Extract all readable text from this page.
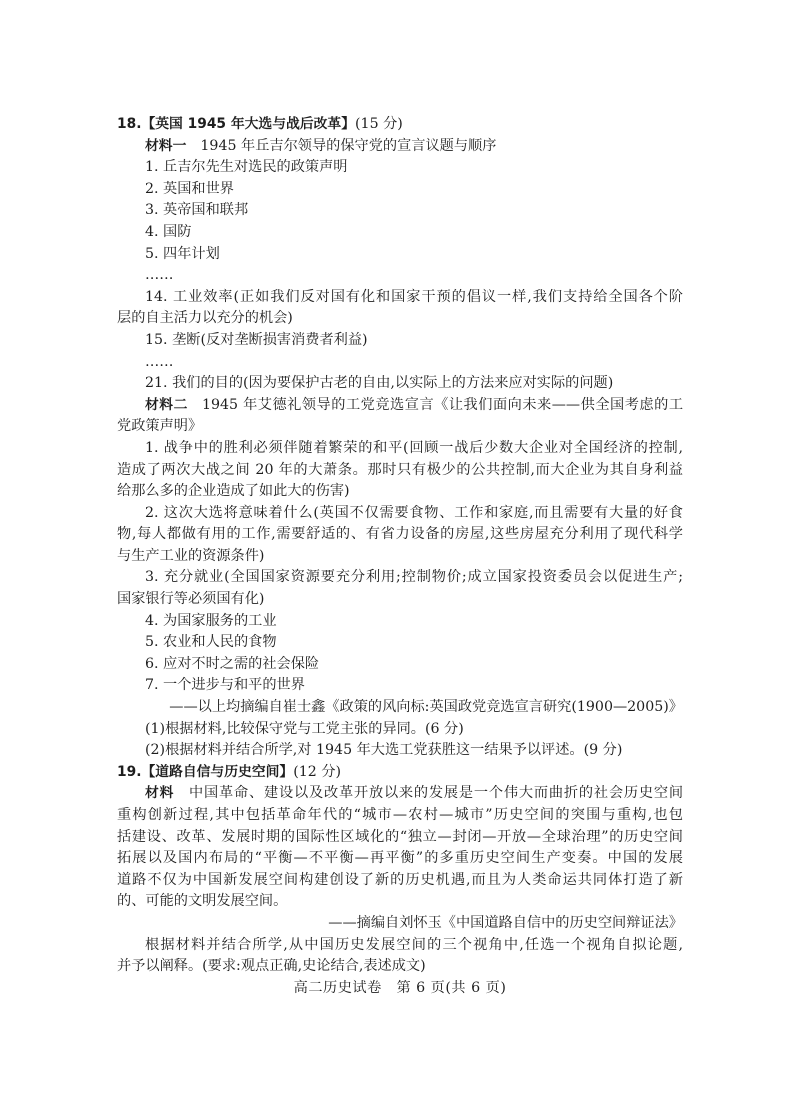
18.【英国 1945 年大选与战后改革】(15 分)
材料一 1945 年丘吉尔领导的保守党的宣言议题与顺序
1. 丘吉尔先生对选民的政策声明
2. 英国和世界
3. 英帝国和联邦
4. 国防
5. 四年计划
……
14. 工业效率(正如我们反对国有化和国家干预的倡议一样,我们支持给全国各个阶
层的自主活力以充分的机会)
15. 垄断(反对垄断损害消费者利益)
……
21. 我们的目的(因为要保护古老的自由,以实际上的方法来应对实际的问题)
材料二 1945 年艾德礼领导的工党竞选宣言《让我们面向未来——供全国考虑的工
党政策声明》
1. 战争中的胜利必须伴随着繁荣的和平(回顾一战后少数大企业对全国经济的控制,
造成了两次大战之间 20 年的大萧条。那时只有极少的公共控制,而大企业为其自身利益
给那么多的企业造成了如此大的伤害)
2. 这次大选将意味着什么(英国不仅需要食物、工作和家庭,而且需要有大量的好食
物,每人都做有用的工作,需要舒适的、有省力设备的房屋,这些房屋充分利用了现代科学
与生产工业的资源条件)
3. 充分就业(全国国家资源要充分利用;控制物价;成立国家投资委员会以促进生产;
国家银行等必须国有化)
4. 为国家服务的工业
5. 农业和人民的食物
6. 应对不时之需的社会保险
7. 一个进步与和平的世界
——以上均摘编自崔士鑫《政策的风向标:英国政党竞选宣言研究(1900—2005)》
(1)根据材料,比较保守党与工党主张的异同。(6 分)
(2)根据材料并结合所学,对 1945 年大选工党获胜这一结果予以评述。(9 分)
19.【道路自信与历史空间】(12 分)
材料 中国革命、建设以及改革开放以来的发展是一个伟大而曲折的社会历史空间
重构创新过程,其中包括革命年代的“城市—农村—城市”历史空间的突围与重构,也包
括建设、改革、发展时期的国际性区域化的“独立—封闭—开放—全球治理”的历史空间
拓展以及国内布局的“平衡—不平衡—再平衡”的多重历史空间生产变奏。中国的发展
道路不仅为中国新发展空间构建创设了新的历史机遇,而且为人类命运共同体打造了新
的、可能的文明发展空间。
——摘编自刘怀玉《中国道路自信中的历史空间辩证法》
根据材料并结合所学,从中国历史发展空间的三个视角中,任选一个视角自拟论题,
并予以阐释。(要求:观点正确,史论结合,表述成文)
高二历史试卷　第 6 页(共 6 页)
